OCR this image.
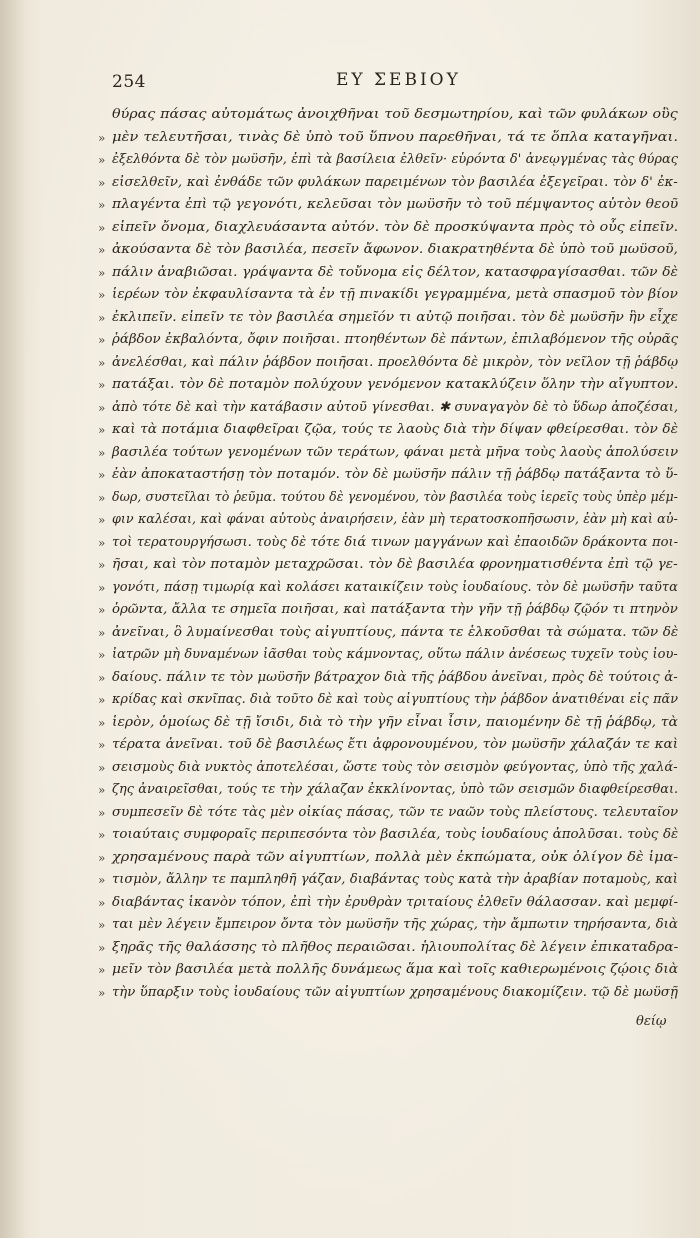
254	ΕΥ ΣΕΒΙΟΥ
θύρας πάσας αὐτομάτως ἀνοιχθῆναι τοῦ δεσμωτηρίου, καὶ τῶν φυλάκων οὓς
» μὲν τελευτῆσαι, τινὰς δὲ ὑπὸ τοῦ ὕπνου παρεθῆναι, τά τε ὅπλα καταγῆναι.
» ἐξελθόντα δὲ τὸν μωϋσῆν, ἐπὶ τὰ βασίλεια ἐλθεῖν· εὑρόντα δ' ἀνεῳγμένας τὰς θύρας
» εἰσελθεῖν, καὶ ἐνθάδε τῶν φυλάκων παρειμένων τὸν βασιλέα ἐξεγεῖραι. τὸν δ' ἐκ-
» πλαγέντα ἐπὶ τῷ γεγονότι, κελεῦσαι τὸν μωϋσῆν τὸ τοῦ πέμψαντος αὐτὸν θεοῦ
» εἰπεῖν ὄνομα, διαχλευάσαντα αὐτόν. τὸν δὲ προσκύψαντα πρὸς τὸ οὖς εἰπεῖν.
» ἀκούσαντα δὲ τὸν βασιλέα, πεσεῖν ἄφωνον. διακρατηθέντα δὲ ὑπὸ τοῦ μωϋσοῦ,
» πάλιν ἀναβιῶσαι. γράψαντα δὲ τοὔνομα εἰς δέλτον, κατασφραγίσασθαι. τῶν δὲ
» ἱερέων τὸν ἐκφαυλίσαντα τὰ ἐν τῇ πινακίδι γεγραμμένα, μετὰ σπασμοῦ τὸν βίον
» ἐκλιπεῖν. εἰπεῖν τε τὸν βασιλέα σημεῖόν τι αὐτῷ ποιῆσαι. τὸν δὲ μωϋσῆν ἣν εἶχε
» ῥάβδον ἐκβαλόντα, ὄφιν ποιῆσαι. πτοηθέντων δὲ πάντων, ἐπιλαβόμενον τῆς οὐρᾶς
» ἀνελέσθαι, καὶ πάλιν ῥάβδον ποιῆσαι. προελθόντα δὲ μικρὸν, τὸν νεῖλον τῇ ῥάβδῳ
» πατάξαι. τὸν δὲ ποταμὸν πολύχουν γενόμενον κατακλύζειν ὅλην τὴν αἴγυπτον.
» ἀπὸ τότε δὲ καὶ τὴν κατάβασιν αὐτοῦ γίνεσθαι. ✱ συναγαγὸν δὲ τὸ ὕδωρ ἀποζέσαι,
» καὶ τὰ ποτάμια διαφθεῖραι ζῷα, τούς τε λαοὺς διὰ τὴν δίψαν φθείρεσθαι. τὸν δὲ
» βασιλέα τούτων γενομένων τῶν τεράτων, φάναι μετὰ μῆνα τοὺς λαοὺς ἀπολύσειν
» ἐὰν ἀποκαταστήσῃ τὸν ποταμόν. τὸν δὲ μωϋσῆν πάλιν τῇ ῥάβδῳ πατάξαντα τὸ ὕ-
» δωρ, συστεῖλαι τὸ ῥεῦμα. τούτου δὲ γενομένου, τὸν βασιλέα τοὺς ἱερεῖς τοὺς ὑπὲρ μέμ-
» φιν καλέσαι, καὶ φάναι αὐτοὺς ἀναιρήσειν, ἐὰν μὴ τερατοσκοπῆσωσιν, ἐὰν μὴ καὶ αὐ-
» τοὶ τερατουργήσωσι. τοὺς δὲ τότε διά τινων μαγγάνων καὶ ἐπαοιδῶν δράκοντα ποι-
» ῆσαι, καὶ τὸν ποταμὸν μεταχρῶσαι. τὸν δὲ βασιλέα φρονηματισθέντα ἐπὶ τῷ γε-
» γονότι, πάσῃ τιμωρίᾳ καὶ κολάσει καταικίζειν τοὺς ἰουδαίους. τὸν δὲ μωϋσῆν ταῦτα
» ὁρῶντα, ἄλλα τε σημεῖα ποιῆσαι, καὶ πατάξαντα τὴν γῆν τῇ ῥάβδῳ ζῷόν τι πτηνὸν
» ἀνεῖναι, ὃ λυμαίνεσθαι τοὺς αἰγυπτίους, πάντα τε ἑλκοῦσθαι τὰ σώματα. τῶν δὲ
» ἰατρῶν μὴ δυναμένων ἰᾶσθαι τοὺς κάμνοντας, οὕτω πάλιν ἀνέσεως τυχεῖν τοὺς ἰου-
» δαίους. πάλιν τε τὸν μωϋσῆν βάτραχον διὰ τῆς ῥάβδου ἀνεῖναι, πρὸς δὲ τούτοις ἀ-
» κρίδας καὶ σκνῖπας. διὰ τοῦτο δὲ καὶ τοὺς αἰγυπτίους τὴν ῥάβδον ἀνατιθέναι εἰς πᾶν
» ἱερὸν, ὁμοίως δὲ τῇ ἴσιδι, διὰ τὸ τὴν γῆν εἶναι ἶσιν, παιομένην δὲ τῇ ῥάβδῳ, τὰ
» τέρατα ἀνεῖναι. τοῦ δὲ βασιλέως ἔτι ἀφρονουμένου, τὸν μωϋσῆν χάλαζάν τε καὶ
» σεισμοὺς διὰ νυκτὸς ἀποτελέσαι, ὥστε τοὺς τὸν σεισμὸν φεύγοντας, ὑπὸ τῆς χαλά-
» ζης ἀναιρεῖσθαι, τούς τε τὴν χάλαζαν ἐκκλίνοντας, ὑπὸ τῶν σεισμῶν διαφθείρεσθαι.
» συμπεσεῖν δὲ τότε τὰς μὲν οἰκίας πάσας, τῶν τε ναῶν τοὺς πλείστους. τελευταῖον
» τοιαύταις συμφοραῖς περιπεσόντα τὸν βασιλέα, τοὺς ἰουδαίους ἀπολῦσαι. τοὺς δὲ
» χρησαμένους παρὰ τῶν αἰγυπτίων, πολλὰ μὲν ἐκπώματα, οὐκ ὀλίγον δὲ ἱμα-
» τισμὸν, ἄλλην τε παμπληθῆ γάζαν, διαβάντας τοὺς κατὰ τὴν ἀραβίαν ποταμοὺς, καὶ
» διαβάντας ἱκανὸν τόπον, ἐπὶ τὴν ἐρυθρὰν τριταίους ἐλθεῖν θάλασσαν. καὶ μεμφί-
» ται μὲν λέγειν ἔμπειρον ὄντα τὸν μωϋσῆν τῆς χώρας, τὴν ἄμπωτιν τηρήσαντα, διὰ
» ξηρᾶς τῆς θαλάσσης τὸ πλῆθος περαιῶσαι. ἡλιουπολίτας δὲ λέγειν ἐπικαταδρα-
» μεῖν τὸν βασιλέα μετὰ πολλῆς δυνάμεως ἅμα καὶ τοῖς καθιερωμένοις ζῴοις διὰ
» τὴν ὕπαρξιν τοὺς ἰουδαίους τῶν αἰγυπτίων χρησαμένους διακομίζειν. τῷ δὲ μωϋσῇ
θείῳ
